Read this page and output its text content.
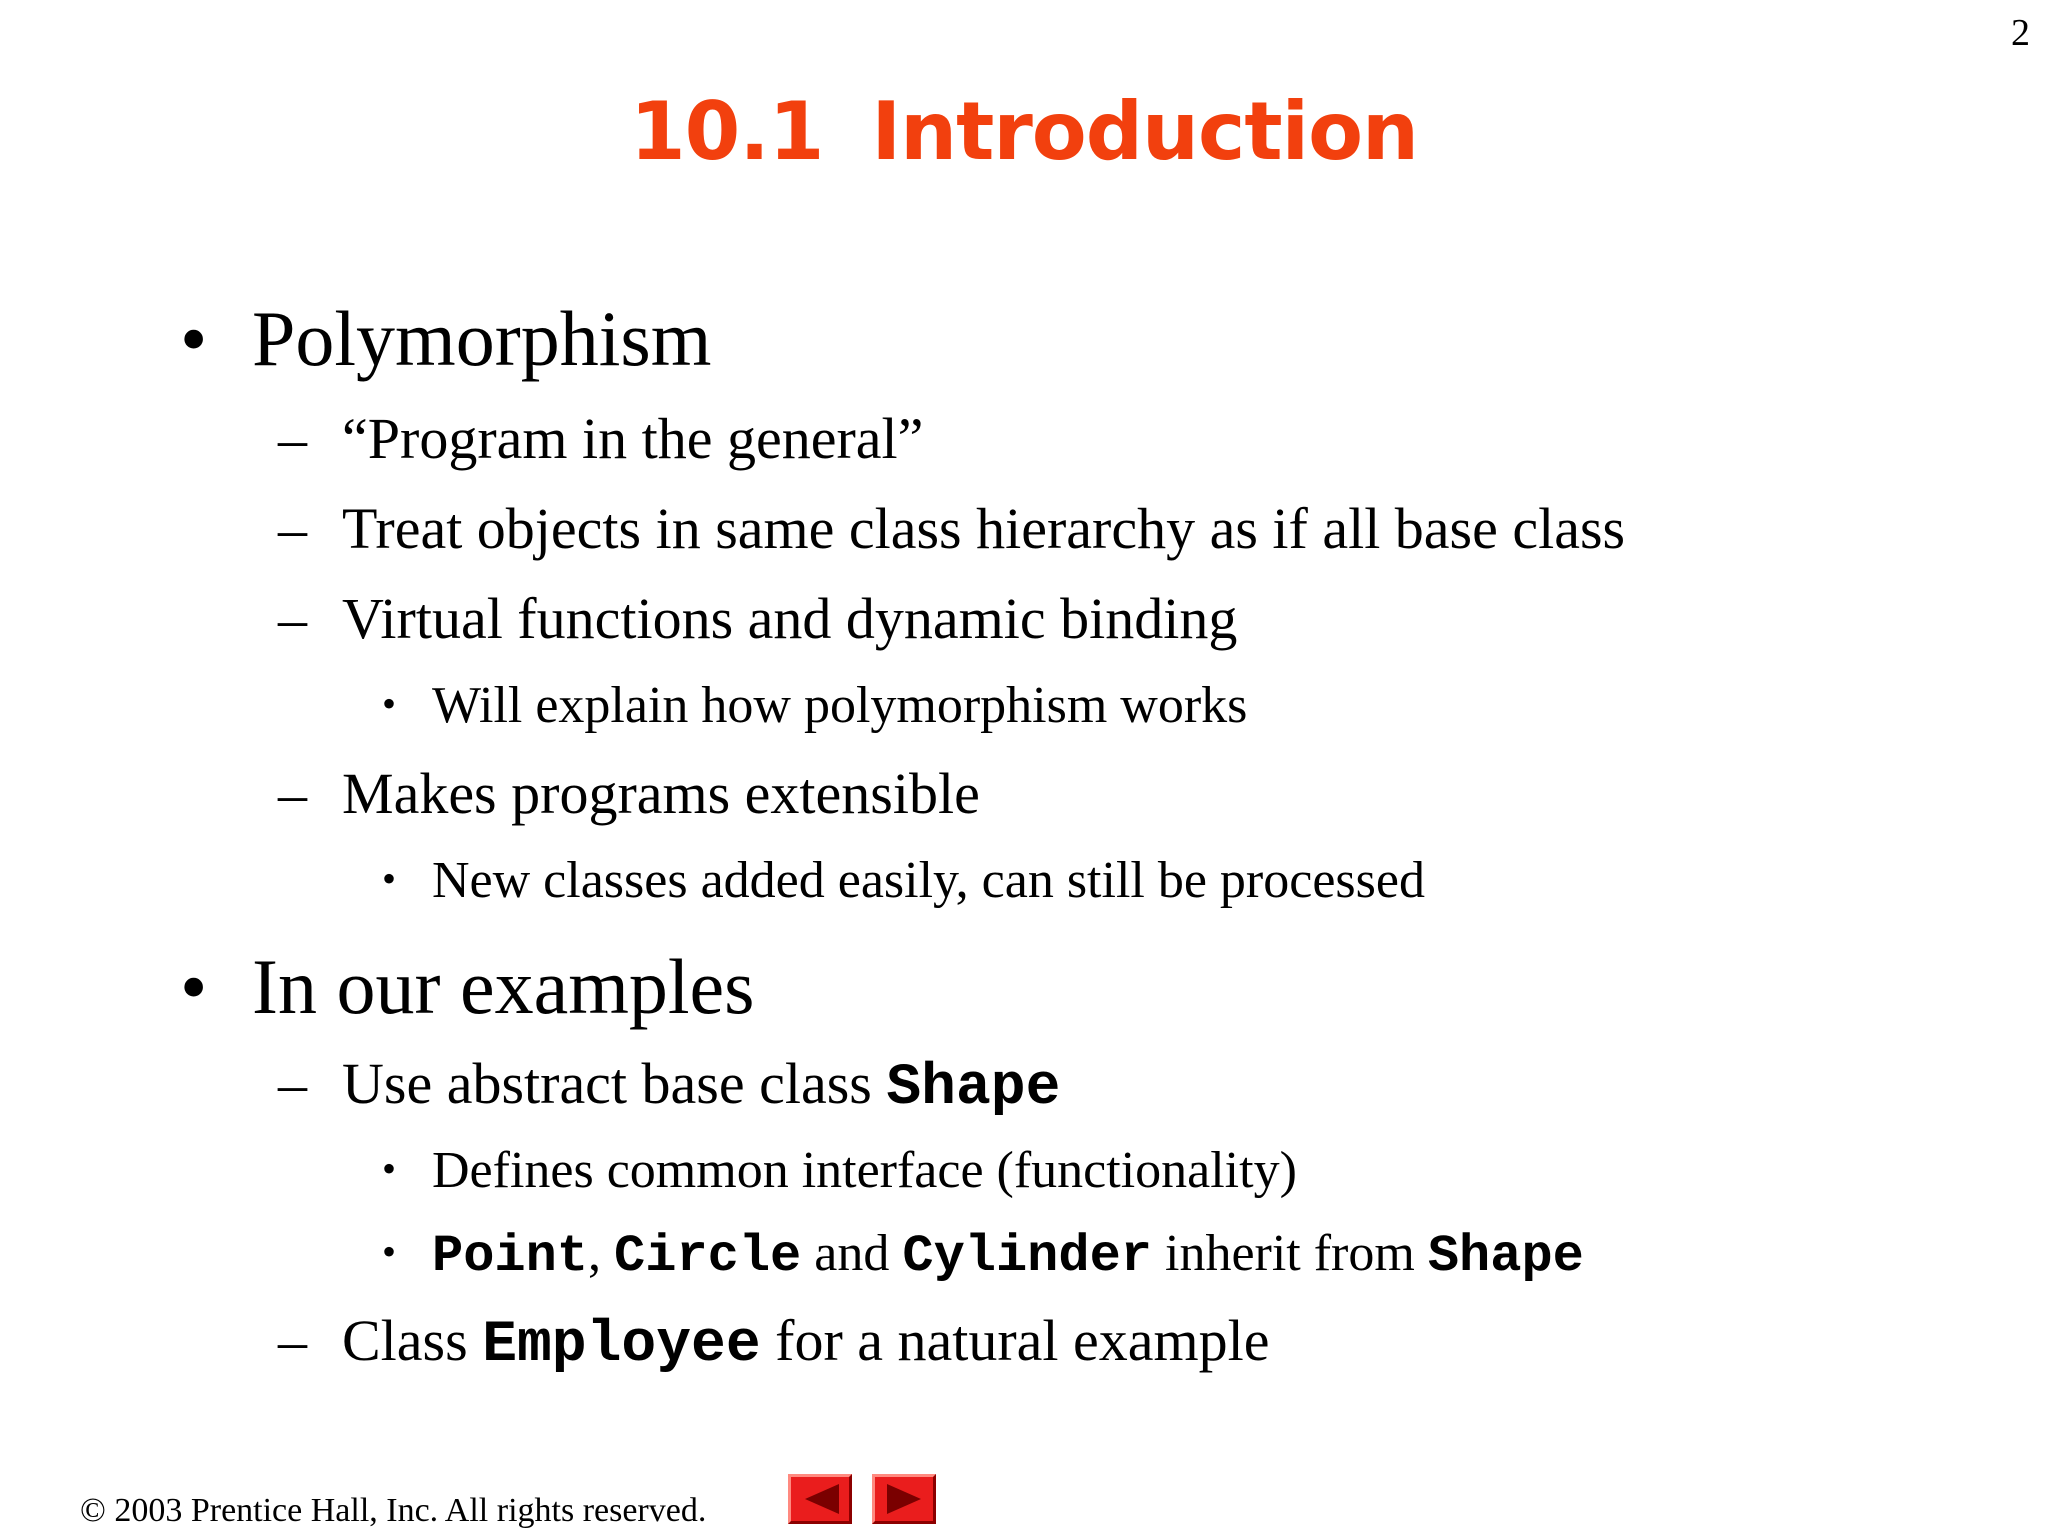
2
10.1 Introduction
• Polymorphism
– “Program in the general”
– Treat objects in same class hierarchy as if all base class
– Virtual functions and dynamic binding
• Will explain how polymorphism works
– Makes programs extensible
• New classes added easily, can still be processed
• In our examples
– Use abstract base class Shape
• Defines common interface (functionality)
• Point, Circle and Cylinder inherit from Shape
– Class Employee for a natural example
© 2003 Prentice Hall, Inc. All rights reserved.
